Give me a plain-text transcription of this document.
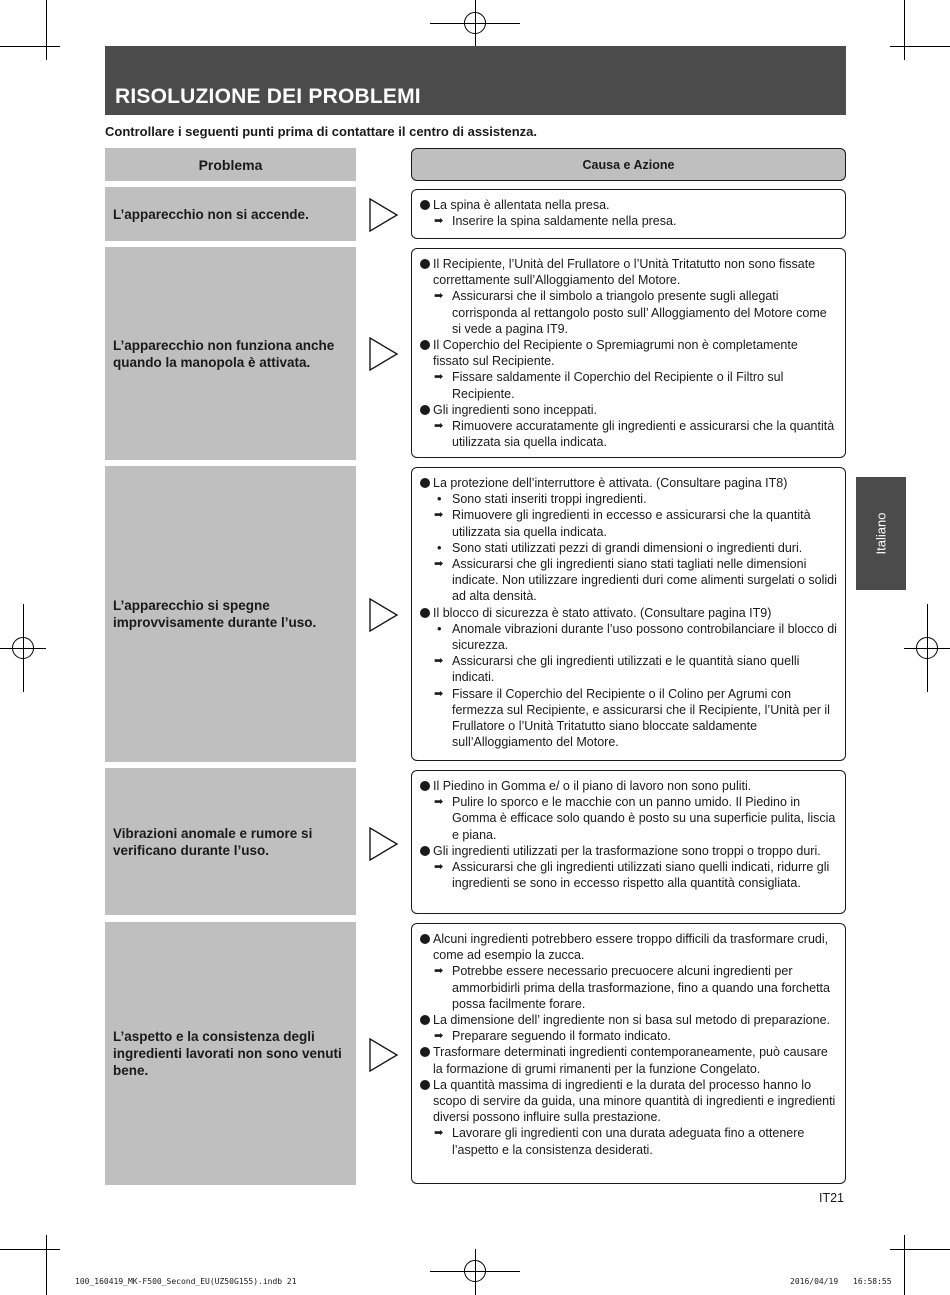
RISOLUZIONE DEI PROBLEMI
Controllare i seguenti punti prima di contattare il centro di assistenza.
Problema	Causa e Azione
L’apparecchio non si accende.
La spina è allentata nella presa.
➡ Inserire la spina saldamente nella presa.
L’apparecchio non funziona anche quando la manopola è attivata.
Il Recipiente, l’Unità del Frullatore o l’Unità Tritatutto non sono fissate correttamente sull’Alloggiamento del Motore.
➡ Assicurarsi che il simbolo a triangolo presente sugli allegati corrisponda al rettangolo posto sull’ Alloggiamento del Motore come si vede a pagina IT9.
Il Coperchio del Recipiente o Spremiagrumi non è completamente fissato sul Recipiente.
➡ Fissare saldamente il Coperchio del Recipiente o il Filtro sul Recipiente.
Gli ingredienti sono inceppati.
➡ Rimuovere accuratamente gli ingredienti e assicurarsi che la quantità utilizzata sia quella indicata.
L’apparecchio si spegne improvvisamente durante l’uso.
La protezione dell’interruttore è attivata. (Consultare pagina IT8)
• Sono stati inseriti troppi ingredienti.
➡ Rimuovere gli ingredienti in eccesso e assicurarsi che la quantità utilizzata sia quella indicata.
• Sono stati utilizzati pezzi di grandi dimensioni o ingredienti duri.
➡ Assicurarsi che gli ingredienti siano stati tagliati nelle dimensioni indicate. Non utilizzare ingredienti duri come alimenti surgelati o solidi ad alta densità.
Il blocco di sicurezza è stato attivato. (Consultare pagina IT9)
• Anomale vibrazioni durante l’uso possono controbilanciare il blocco di sicurezza.
➡ Assicurarsi che gli ingredienti utilizzati e le quantità siano quelli indicati.
➡ Fissare il Coperchio del Recipiente o il Colino per Agrumi con fermezza sul Recipiente, e assicurarsi che il Recipiente, l’Unità per il Frullatore o l’Unità Tritatutto siano bloccate saldamente sull’Alloggiamento del Motore.
Vibrazioni anomale e rumore si verificano durante l’uso.
Il Piedino in Gomma e/ o il piano di lavoro non sono puliti.
➡ Pulire lo sporco e le macchie con un panno umido. Il Piedino in Gomma è efficace solo quando è posto su una superficie pulita, liscia e piana.
Gli ingredienti utilizzati per la trasformazione sono troppi o troppo duri.
➡ Assicurarsi che gli ingredienti utilizzati siano quelli indicati, ridurre gli ingredienti se sono in eccesso rispetto alla quantità consigliata.
L’aspetto e la consistenza degli ingredienti lavorati non sono venuti bene.
Alcuni ingredienti potrebbero essere troppo difficili da trasformare crudi, come ad esempio la zucca.
➡ Potrebbe essere necessario precuocere alcuni ingredienti per ammorbidirli prima della trasformazione, fino a quando una forchetta possa facilmente forare.
La dimensione dell’ ingrediente non si basa sul metodo di preparazione.
➡ Preparare seguendo il formato indicato.
Trasformare determinati ingredienti contemporaneamente, può causare la formazione di grumi rimanenti per la funzione Congelato.
La quantità massima di ingredienti e la durata del processo hanno lo scopo di servire da guida, una minore quantità di ingredienti e ingredienti diversi possono influire sulla prestazione.
➡ Lavorare gli ingredienti con una durata adeguata fino a ottenere l’aspetto e la consistenza desiderati.
Italiano
IT21
100_160419_MK-F500_Second_EU(UZ50G155).indb 21	2016/04/19 16:58:55
